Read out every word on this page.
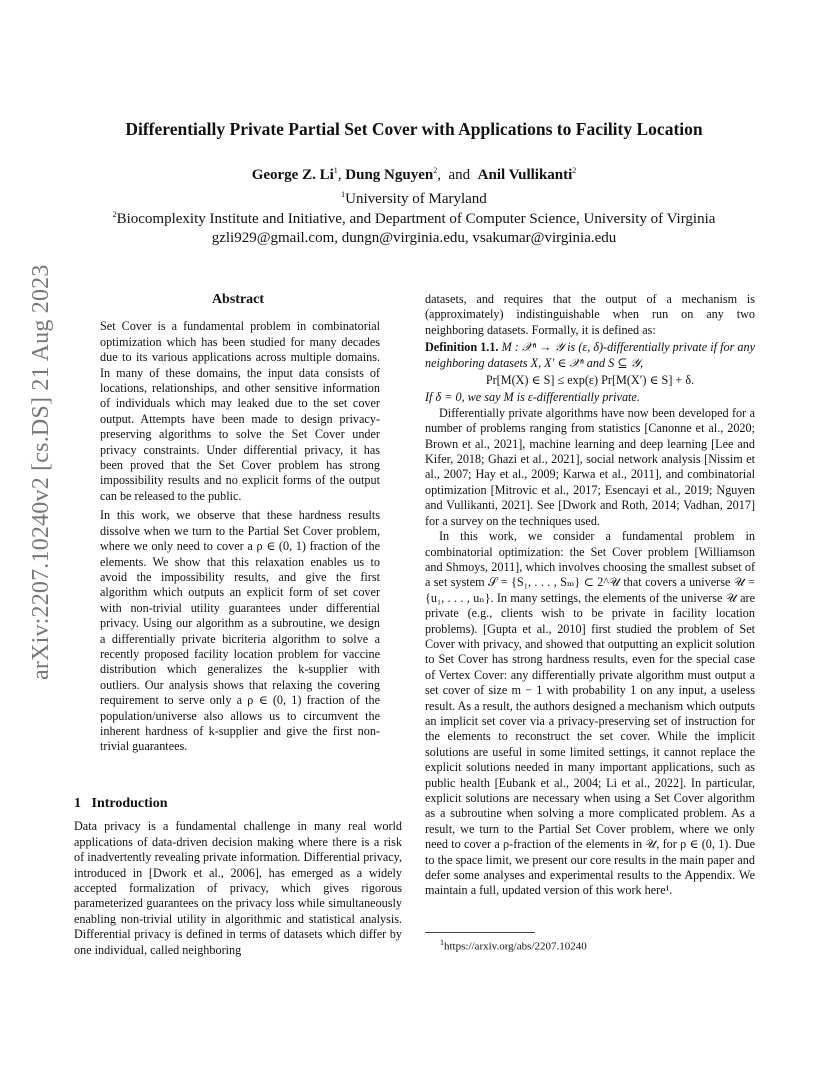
arXiv:2207.10240v2 [cs.DS] 21 Aug 2023
Differentially Private Partial Set Cover with Applications to Facility Location
George Z. Li$^1$, Dung Nguyen$^2$,  and Anil Vullikanti$^2$
$^1$University of Maryland
$^2$Biocomplexity Institute and Initiative, and Department of Computer Science, University of Virginia
gzli929@gmail.com, dungn@virginia.edu, vsakumar@virginia.edu
Abstract

Set Cover is a fundamental problem in combinatorial optimization which has been studied for many decades due to its various applications across multiple domains. In many of these domains, the input data consists of locations, relationships, and other sensitive information of individuals which may leaked due to the set cover output. Attempts have been made to design privacy-preserving algorithms to solve the Set Cover under privacy constraints. Under differential privacy, it has been proved that the Set Cover problem has strong impossibility results and no explicit forms of the output can be released to the public.

In this work, we observe that these hardness results dissolve when we turn to the Partial Set Cover problem, where we only need to cover a ρ ∈ (0, 1) fraction of the elements. We show that this relaxation enables us to avoid the impossibility results, and give the first algorithm which outputs an explicit form of set cover with non-trivial utility guarantees under differential privacy. Using our algorithm as a subroutine, we design a differentially private bicriteria algorithm to solve a recently proposed facility location problem for vaccine distribution which generalizes the k-supplier with outliers. Our analysis shows that relaxing the covering requirement to serve only a ρ ∈ (0, 1) fraction of the population/universe also allows us to circumvent the inherent hardness of k-supplier and give the first non-trivial guarantees.

1 Introduction

Data privacy is a fundamental challenge in many real world applications of data-driven decision making where there is a risk of inadvertently revealing private information. Differential privacy, introduced in [Dwork et al., 2006], has emerged as a widely accepted formalization of privacy, which gives rigorous parameterized guarantees on the privacy loss while simultaneously enabling non-trivial utility in algorithmic and statistical analysis. Differential privacy is defined in terms of datasets which differ by one individual, called neighboring

datasets, and requires that the output of a mechanism is (approximately) indistinguishable when run on any two neighboring datasets. Formally, it is defined as:

Definition 1.1. M : 𝒳ⁿ → 𝒴 is (ε, δ)-differentially private if for any neighboring datasets X, X′ ∈ 𝒳ⁿ and S ⊆ 𝒴,

Pr[M(X) ∈ S] ≤ exp(ε) Pr[M(X′) ∈ S] + δ.

If δ = 0, we say M is ε-differentially private.

Differentially private algorithms have now been developed for a number of problems ranging from statistics [Canonne et al., 2020; Brown et al., 2021], machine learning and deep learning [Lee and Kifer, 2018; Ghazi et al., 2021], social network analysis [Nissim et al., 2007; Hay et al., 2009; Karwa et al., 2011], and combinatorial optimization [Mitrovic et al., 2017; Esencayi et al., 2019; Nguyen and Vullikanti, 2021]. See [Dwork and Roth, 2014; Vadhan, 2017] for a survey on the techniques used.

In this work, we consider a fundamental problem in combinatorial optimization: the Set Cover problem [Williamson and Shmoys, 2011], which involves choosing the smallest subset of a set system 𝒮 = {S₁, . . . , Sₘ} ⊂ 2^𝒰 that covers a universe 𝒰 = {u₁, . . . , uₙ}. In many settings, the elements of the universe 𝒰 are private (e.g., clients wish to be private in facility location problems). [Gupta et al., 2010] first studied the problem of Set Cover with privacy, and showed that outputting an explicit solution to Set Cover has strong hardness results, even for the special case of Vertex Cover: any differentially private algorithm must output a set cover of size m − 1 with probability 1 on any input, a useless result. As a result, the authors designed a mechanism which outputs an implicit set cover via a privacy-preserving set of instruction for the elements to reconstruct the set cover. While the implicit solutions are useful in some limited settings, it cannot replace the explicit solutions needed in many important applications, such as public health [Eubank et al., 2004; Li et al., 2022]. In particular, explicit solutions are necessary when using a Set Cover algorithm as a subroutine when solving a more complicated problem. As a result, we turn to the Partial Set Cover problem, where we only need to cover a ρ-fraction of the elements in 𝒰, for ρ ∈ (0, 1). Due to the space limit, we present our core results in the main paper and defer some analyses and experimental results to the Appendix. We maintain a full, updated version of this work here¹.

$^1$https://arxiv.org/abs/2207.10240
